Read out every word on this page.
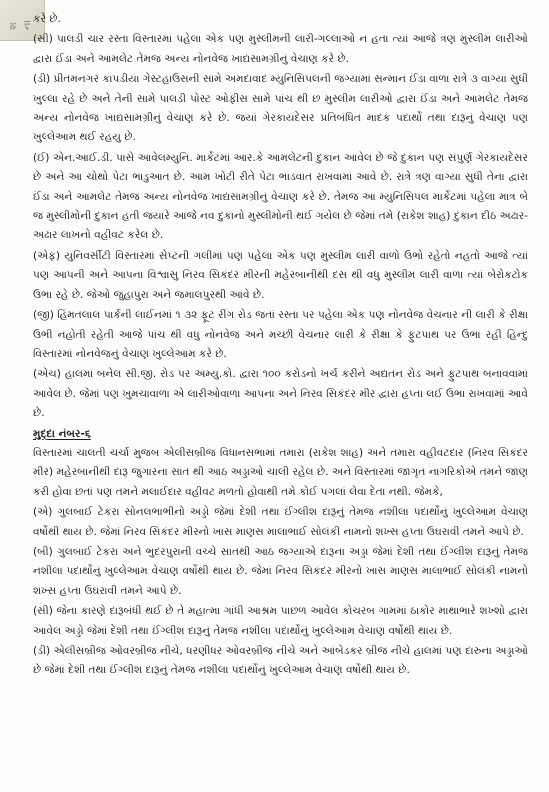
શ ના

કરે છે.

(સી) પાલડી ચાર રસ્તા વિસ્તારમાં પહેલા એક પણ મુસ્લીમની લારી-ગલ્લાઓ ન હતા ત્યાં આજે ત્રણ મુસ્લીમ લારીઓ દ્વારા ઈંડા અને આમલેટ તેમજ અન્ય નોનવેજ ખાદ્યસામગ્રીનું વેચાણ કરે છે.

(ડી) પ્રીતમનગર કાપડીયા ગેસ્ટહાઉસની સામે અમદાવાદ મ્યુનિસિપલની જગ્યામાં સન્માન ઈંડા વાળા રાત્રે ૩ વાગ્યા સુધી ખુલ્લા રહે છે અને તેની સામે પાલડી પોસ્ટ ઓફીસ સામે પાંચ થી છ મુસ્લીમ લારીઓ દ્વારા ઈંડા અને આમલેટ તેમજ અન્ય નોનવેજ ખાદ્યસામગ્રીનું વેચાણ કરે છે. જયાં ગેરકાયદેસર પ્રતિબંધિત માદક પદાર્થો તથા દારૂનું વેચાણ પણ ખુલ્લેઆમ થઈ રહયુ છે.

(ઈ) એન.આઈ.ડી. પાસે આવેલમ્યુનિ. માર્કેટમાં આર.કે આમલેટની દુકાન આવેલ છે જે દુકાન પણ સંપુર્ણ ગેરકાયદેસર છે અને આ ચોથો પેટા ભાડુઆત છે. આમ ખોટી રીતે પેટા ભાડવાત રાખવામાં આવે છે. રાત્રે ત્રણ વાગ્યા સુધી તેના દ્વારા ઈંડા અને આમલેટ તેમજ અન્ય નોનવેજ ખાદ્યસામગ્રીનું વેચાણ કરે છે. તેમજ આ મ્યુનિસિપલ માર્કેટમાં પહેલા માત્ર બે જ મુસ્લીમોની દુકાન હતી જયારે આજે નવ દુકાનો મુસ્લીમોની થઈ ગયેલ છે જેમાં તમે (રાકેશ શાહ) દુકાન દીઠ અઢાર- અઢાર લાખનો વહીવટ કરેલ છે.

(એફ) યુનિવર્સીટી વિસ્તારમાં સેપ્ટની ગલીમાં પણ પહેલા એક પણ મુસ્લીમ લારી વાળો ઉભો રહેતો નહતો આજે ત્યાં પણ આપની અને આપના વિશ્વાસુ નિરવ સિકંદર મીરની મહેરબાનીથી દસ થી વધુ મુસ્લીમ લારી વાળા ત્યાં બેરોકટોક ઉભા રહે છે. જેઓ જુહાપુરા અને જમાલપુરથી આવે છે.

(જી) હિંમતલાલ પાર્કની લાઈનમાં ૧ ૩૨ ફૂટ રીંગ રોડ જતાં રસ્તા પર પહેલા એક પણ નોનવેજ વેચનાર ની લારી કે રીક્ષા ઉભી નહોતી રહેતી આજે પાંચ થી વધુ નોનવેજ અને મચ્છી વેચનાર લારી કે રીક્ષા કે ફુટપાથ પર ઉભા રહી હિન્દુ વિસ્તારમાં નોનવેજનું વેચાણ ખુલ્લેઆમ કરે છે.

(એચ) હાલમાં બનેલ સી.જી. રોડ પર અમ્યુ.કો. દ્વારા ૧૦૦ કરોડનો ખર્ચ કરીને અદ્યતન રોડ અને ફુટપાથ બનાવવામાં આવેલ છે. જેમાં પણ ખુમચાવાળા એ લારીઓવાળા આપના અને નિરવ સિકંદર મીર દ્વારા હપ્તા લઈ ઉભા રાખવામાં આવે છે.

મુદ્દા નંબર-૬

વિસ્તારમાં ચાલતી ચર્ચા મુજબ એલીસબ્રીજ વિધાનસભામાં તમારા (રાકેશ શાહ) અને તમારા વહીવટદાર (નિરવ સિકંદર મીર) મહેરબાનીથી દારૂ જુગારના સાત થી આઠ અડ્ડાઓ ચાલી રહેલ છે. અને વિસ્તારમાં જાગૃત નાગરિકોએ તમને જાણ કરી હોવા છતાં પણ તમને મલાઈદાર વહીવટ મળતો હોવાથી તમે કોઈ પગલાં લેવા દેતા નથી. જેમકે,

(એ) ગુલબાઈ ટેકરા સોનલભાભીનો અડ્ડો જેમાં દેશી તથા ઈંગ્લીશ દારૂનું તેમજ નશીલા પદાર્થોનું ખુલ્લેઆમ વેચાણ વર્ષોથી થાય છે. જેમાં નિરવ સિકંદર મીરનો ખાસ માણસ માલાભાઈ સોલંકી નામનો શખ્સ હપ્તા ઉઘરાવી તમને આપે છે.

(બી) ગુલબાઈ ટેકરા અને ભુદરપુરાની વચ્ચે સાતથી આઠ જગ્યાએ દારૂના અડ્ડા જેમાં દેશી તથા ઈંગ્લીશ દારૂનું તેમજ નશીલા પદાર્થોનું ખુલ્લેઆમ વેચાણ વર્ષોથી થાય છે. જેમાં નિરવ સિકંદર મીરનો ખાસ માણસ માલાભાઈ સોલંકી નામનો શખ્સ હપ્તા ઉઘરાવી તમને આપે છે.

(સી) જેના કારણે દારૂબંધી થઈ છે તે મહાત્મા ગાંધી આશ્રમ પાછળ આવેલ કોચરબ ગામમાં ઠાકોર માથાભારે શખ્શો દ્વારા આવેલ અડ્ડો જેમાં દેશી તથા ઈંગ્લીશ દારૂનું તેમજ નશીલા પદાર્થોનું ખુલ્લેઆમ વેચાણ વર્ષોથી થાય છે.

(ડી) એલીસબ્રીજ ઓવરબ્રીજ નીચે, ધરણીધર ઓવરબ્રીજ નીચે અને આંબેડકર બ્રીજ નીચે હાલમાં પણ દારુના અડ્ડાઓ છે જેમાં દેશી તથા ઈંગ્લીશ દારૂનું તેમજ નશીલા પદાર્થોનું ખુલ્લેઆમ વેચાણ વર્ષોથી થાય છે.
